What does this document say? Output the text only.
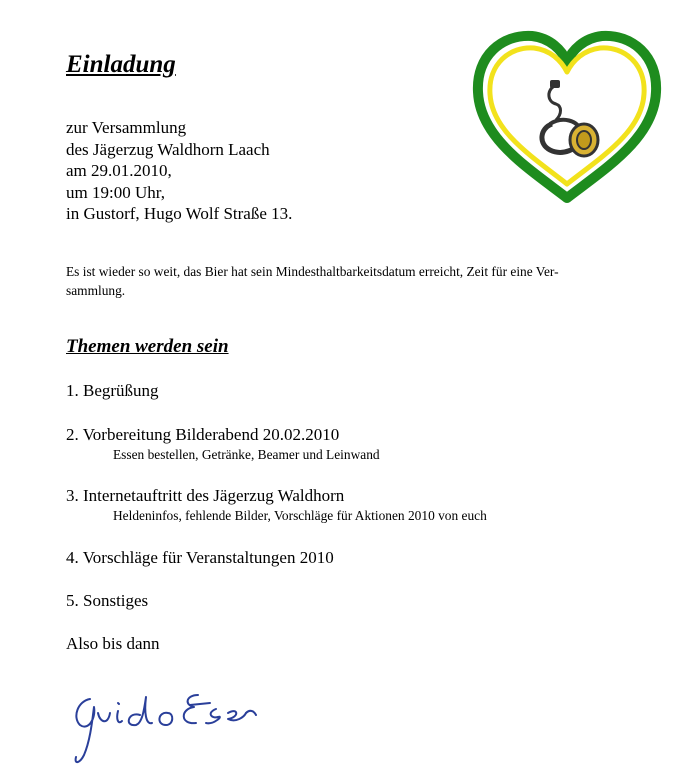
Einladung
zur Versammlung
des Jägerzug Waldhorn Laach
am 29.01.2010,
um 19:00 Uhr,
in Gustorf, Hugo Wolf Straße 13.
Es ist wieder so weit, das Bier hat sein Mindesthaltbarkeitsdatum erreicht, Zeit für eine Ver-
sammlung.
Themen werden sein
1. Begrüßung
2. Vorbereitung Bilderabend 20.02.2010
Essen bestellen, Getränke, Beamer und Leinwand
3. Internetauftritt des Jägerzug Waldhorn
Heldeninfos, fehlende Bilder, Vorschläge für Aktionen 2010 von euch
4. Vorschläge für Veranstaltungen 2010
5. Sonstiges
Also bis dann
